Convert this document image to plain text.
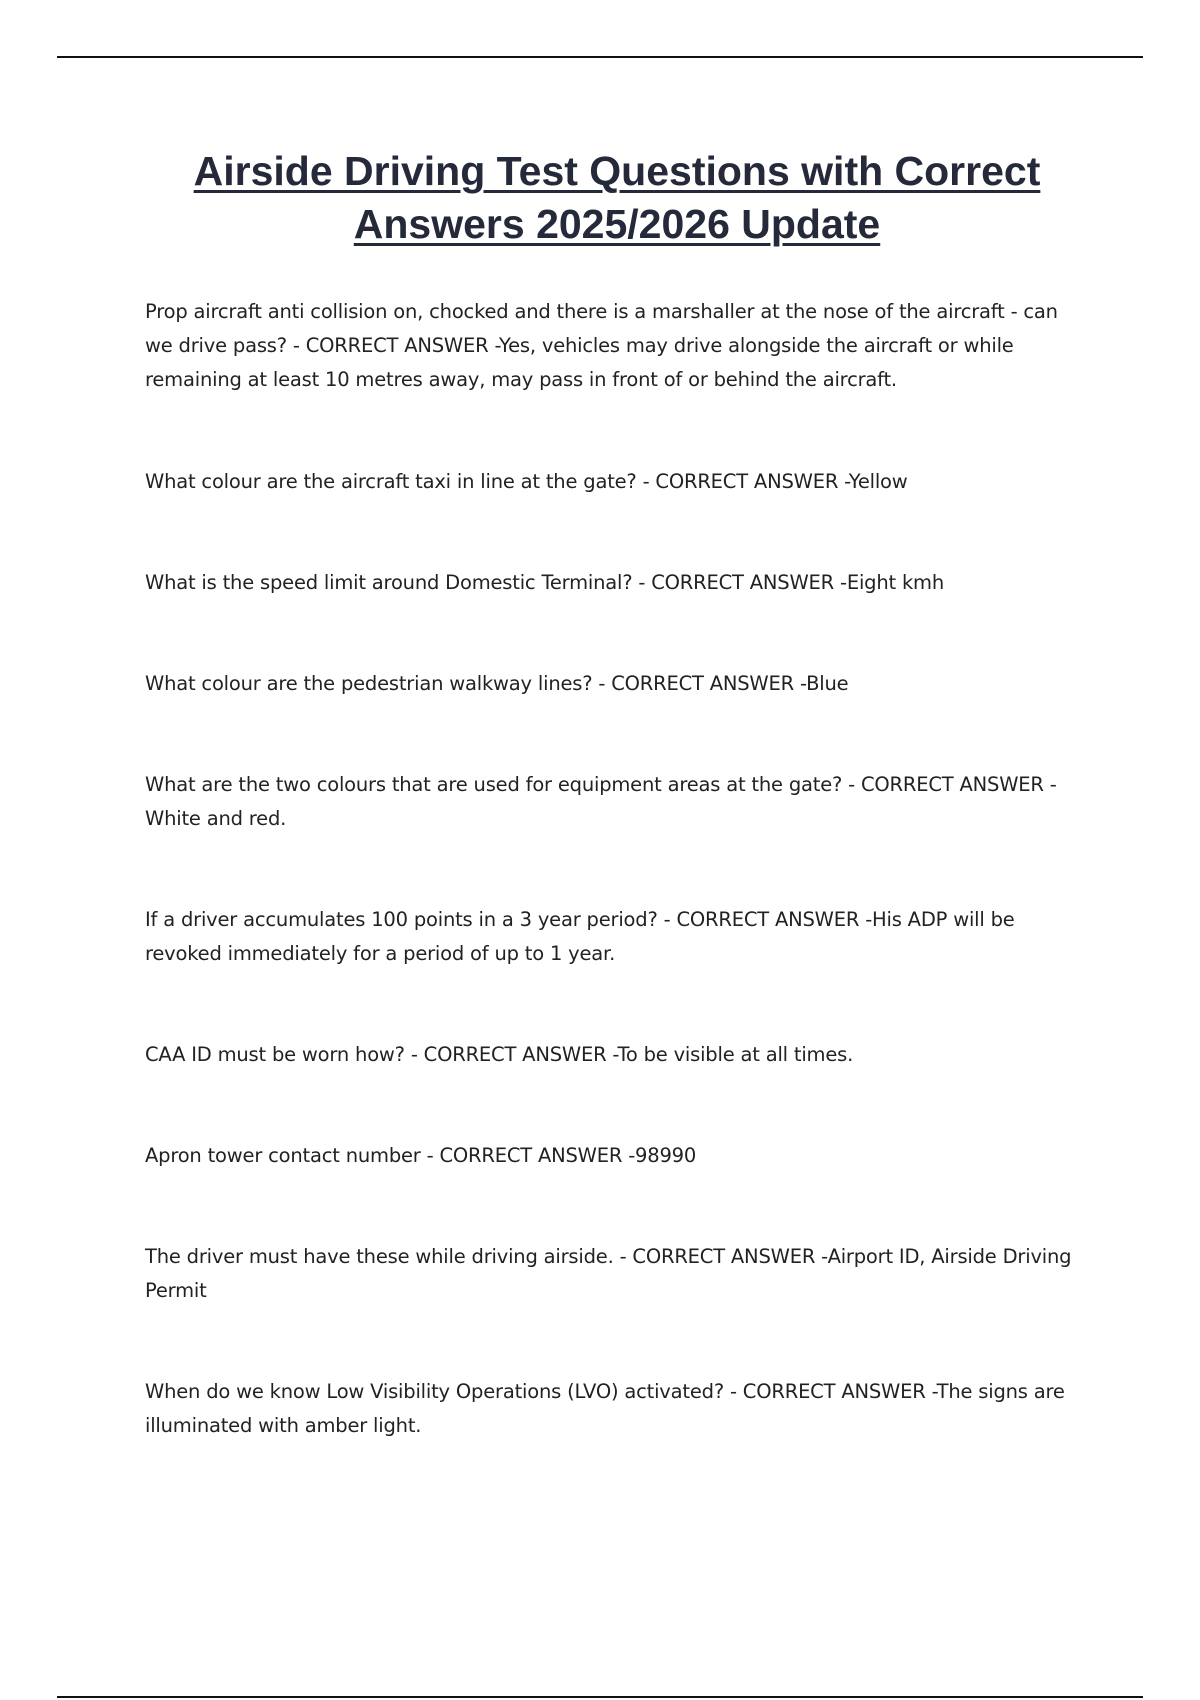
Airside Driving Test Questions with Correct Answers 2025/2026 Update

Prop aircraft anti collision on, chocked and there is a marshaller at the nose of the aircraft - can we drive pass? - CORRECT ANSWER -Yes, vehicles may drive alongside the aircraft or while remaining at least 10 metres away, may pass in front of or behind the aircraft.

What colour are the aircraft taxi in line at the gate? - CORRECT ANSWER -Yellow

What is the speed limit around Domestic Terminal? - CORRECT ANSWER -Eight kmh

What colour are the pedestrian walkway lines? - CORRECT ANSWER -Blue

What are the two colours that are used for equipment areas at the gate? - CORRECT ANSWER - White and red.

If a driver accumulates 100 points in a 3 year period? - CORRECT ANSWER -His ADP will be revoked immediately for a period of up to 1 year.

CAA ID must be worn how? - CORRECT ANSWER -To be visible at all times.

Apron tower contact number - CORRECT ANSWER -98990

The driver must have these while driving airside. - CORRECT ANSWER -Airport ID, Airside Driving Permit

When do we know Low Visibility Operations (LVO) activated? - CORRECT ANSWER -The signs are illuminated with amber light.
